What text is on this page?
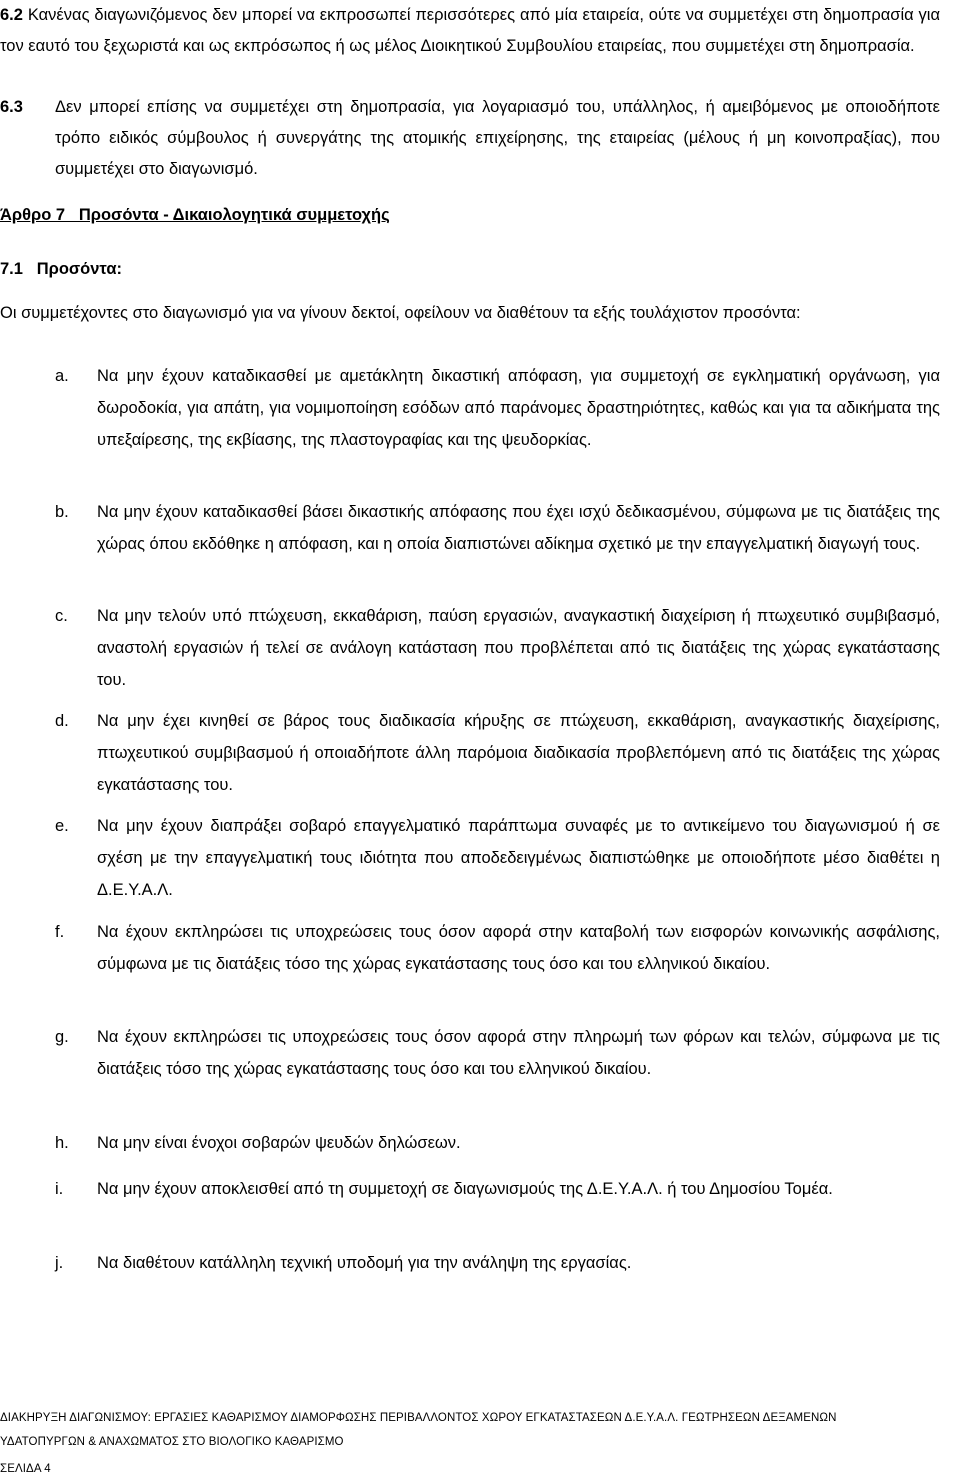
6.2 Κανένας διαγωνιζόμενος δεν μπορεί να εκπροσωπεί περισσότερες από μία εταιρεία, ούτε να συμμετέχει στη δημοπρασία για τον εαυτό του ξεχωριστά και ως εκπρόσωπος ή ως μέλος Διοικητικού Συμβουλίου εταιρείας, που συμμετέχει στη δημοπρασία.
6.3 Δεν μπορεί επίσης να συμμετέχει στη δημοπρασία, για λογαριασμό του, υπάλληλος, ή αμειβόμενος με οποιοδήποτε τρόπο ειδικός σύμβουλος ή συνεργάτης της ατομικής επιχείρησης, της εταιρείας (μέλους ή μη κοινοπραξίας), που συμμετέχει στο διαγωνισμό.
Άρθρο 7   Προσόντα - Δικαιολογητικά συμμετοχής
7.1   Προσόντα:
Οι συμμετέχοντες στο διαγωνισμό για να γίνουν δεκτοί, οφείλουν να διαθέτουν τα εξής τουλάχιστον προσόντα:
a. Να μην έχουν καταδικασθεί με αμετάκλητη δικαστική απόφαση, για συμμετοχή σε εγκληματική οργάνωση, για δωροδοκία, για απάτη, για νομιμοποίηση εσόδων από παράνομες δραστηριότητες, καθώς και για τα αδικήματα της υπεξαίρεσης, της εκβίασης, της πλαστογραφίας και της ψευδορκίας.
b. Να μην έχουν καταδικασθεί βάσει δικαστικής απόφασης που έχει ισχύ δεδικασμένου, σύμφωνα με τις διατάξεις της χώρας όπου εκδόθηκε η απόφαση, και η οποία διαπιστώνει αδίκημα σχετικό με την επαγγελματική διαγωγή τους.
c. Να μην τελούν υπό πτώχευση, εκκαθάριση, παύση εργασιών, αναγκαστική διαχείριση ή πτωχευτικό συμβιβασμό, αναστολή εργασιών ή τελεί σε ανάλογη κατάσταση που προβλέπεται από τις διατάξεις της χώρας εγκατάστασης του.
d. Να μην έχει κινηθεί σε βάρος τους διαδικασία κήρυξης σε πτώχευση, εκκαθάριση, αναγκαστικής διαχείρισης, πτωχευτικού συμβιβασμού ή οποιαδήποτε άλλη παρόμοια διαδικασία προβλεπόμενη από τις διατάξεις της χώρας εγκατάστασης του.
e. Να μην έχουν διαπράξει σοβαρό επαγγελματικό παράπτωμα συναφές με το αντικείμενο του διαγωνισμού ή σε σχέση με την επαγγελματική τους ιδιότητα που αποδεδειγμένως διαπιστώθηκε με οποιοδήποτε μέσο διαθέτει η Δ.Ε.Υ.Α.Λ.
f. Να έχουν εκπληρώσει τις υποχρεώσεις τους όσον αφορά στην καταβολή των εισφορών κοινωνικής ασφάλισης, σύμφωνα με τις διατάξεις τόσο της χώρας εγκατάστασης τους όσο και του ελληνικού δικαίου.
g. Να έχουν εκπληρώσει τις υποχρεώσεις τους όσον αφορά στην πληρωμή των φόρων και τελών, σύμφωνα με τις διατάξεις τόσο της χώρας εγκατάστασης τους όσο και του ελληνικού δικαίου.
h. Να μην είναι ένοχοι σοβαρών ψευδών δηλώσεων.
i. Να μην έχουν αποκλεισθεί από τη συμμετοχή σε διαγωνισμούς της Δ.Ε.Υ.Α.Λ. ή του Δημοσίου Τομέα.
j. Να διαθέτουν κατάλληλη τεχνική υποδομή για την ανάληψη της εργασίας.
ΔΙΑΚΗΡΥΞΗ ΔΙΑΓΩΝΙΣΜΟΥ: ΕΡΓΑΣΙΕΣ ΚΑΘΑΡΙΣΜΟΥ ΔΙΑΜΟΡΦΩΣΗΣ ΠΕΡΙΒΑΛΛΟΝΤΟΣ ΧΩΡΟΥ ΕΓΚΑΤΑΣΤΑΣΕΩΝ Δ.Ε.Υ.Α.Λ. ΓΕΩΤΡΗΣΕΩΝ ΔΕΞΑΜΕΝΩΝ
ΥΔΑΤΟΠΥΡΓΩΝ & ΑΝΑΧΩΜΑΤΟΣ ΣΤΟ ΒΙΟΛΟΓΙΚΟ ΚΑΘΑΡΙΣΜΟ
ΣΕΛΙΔΑ 4
